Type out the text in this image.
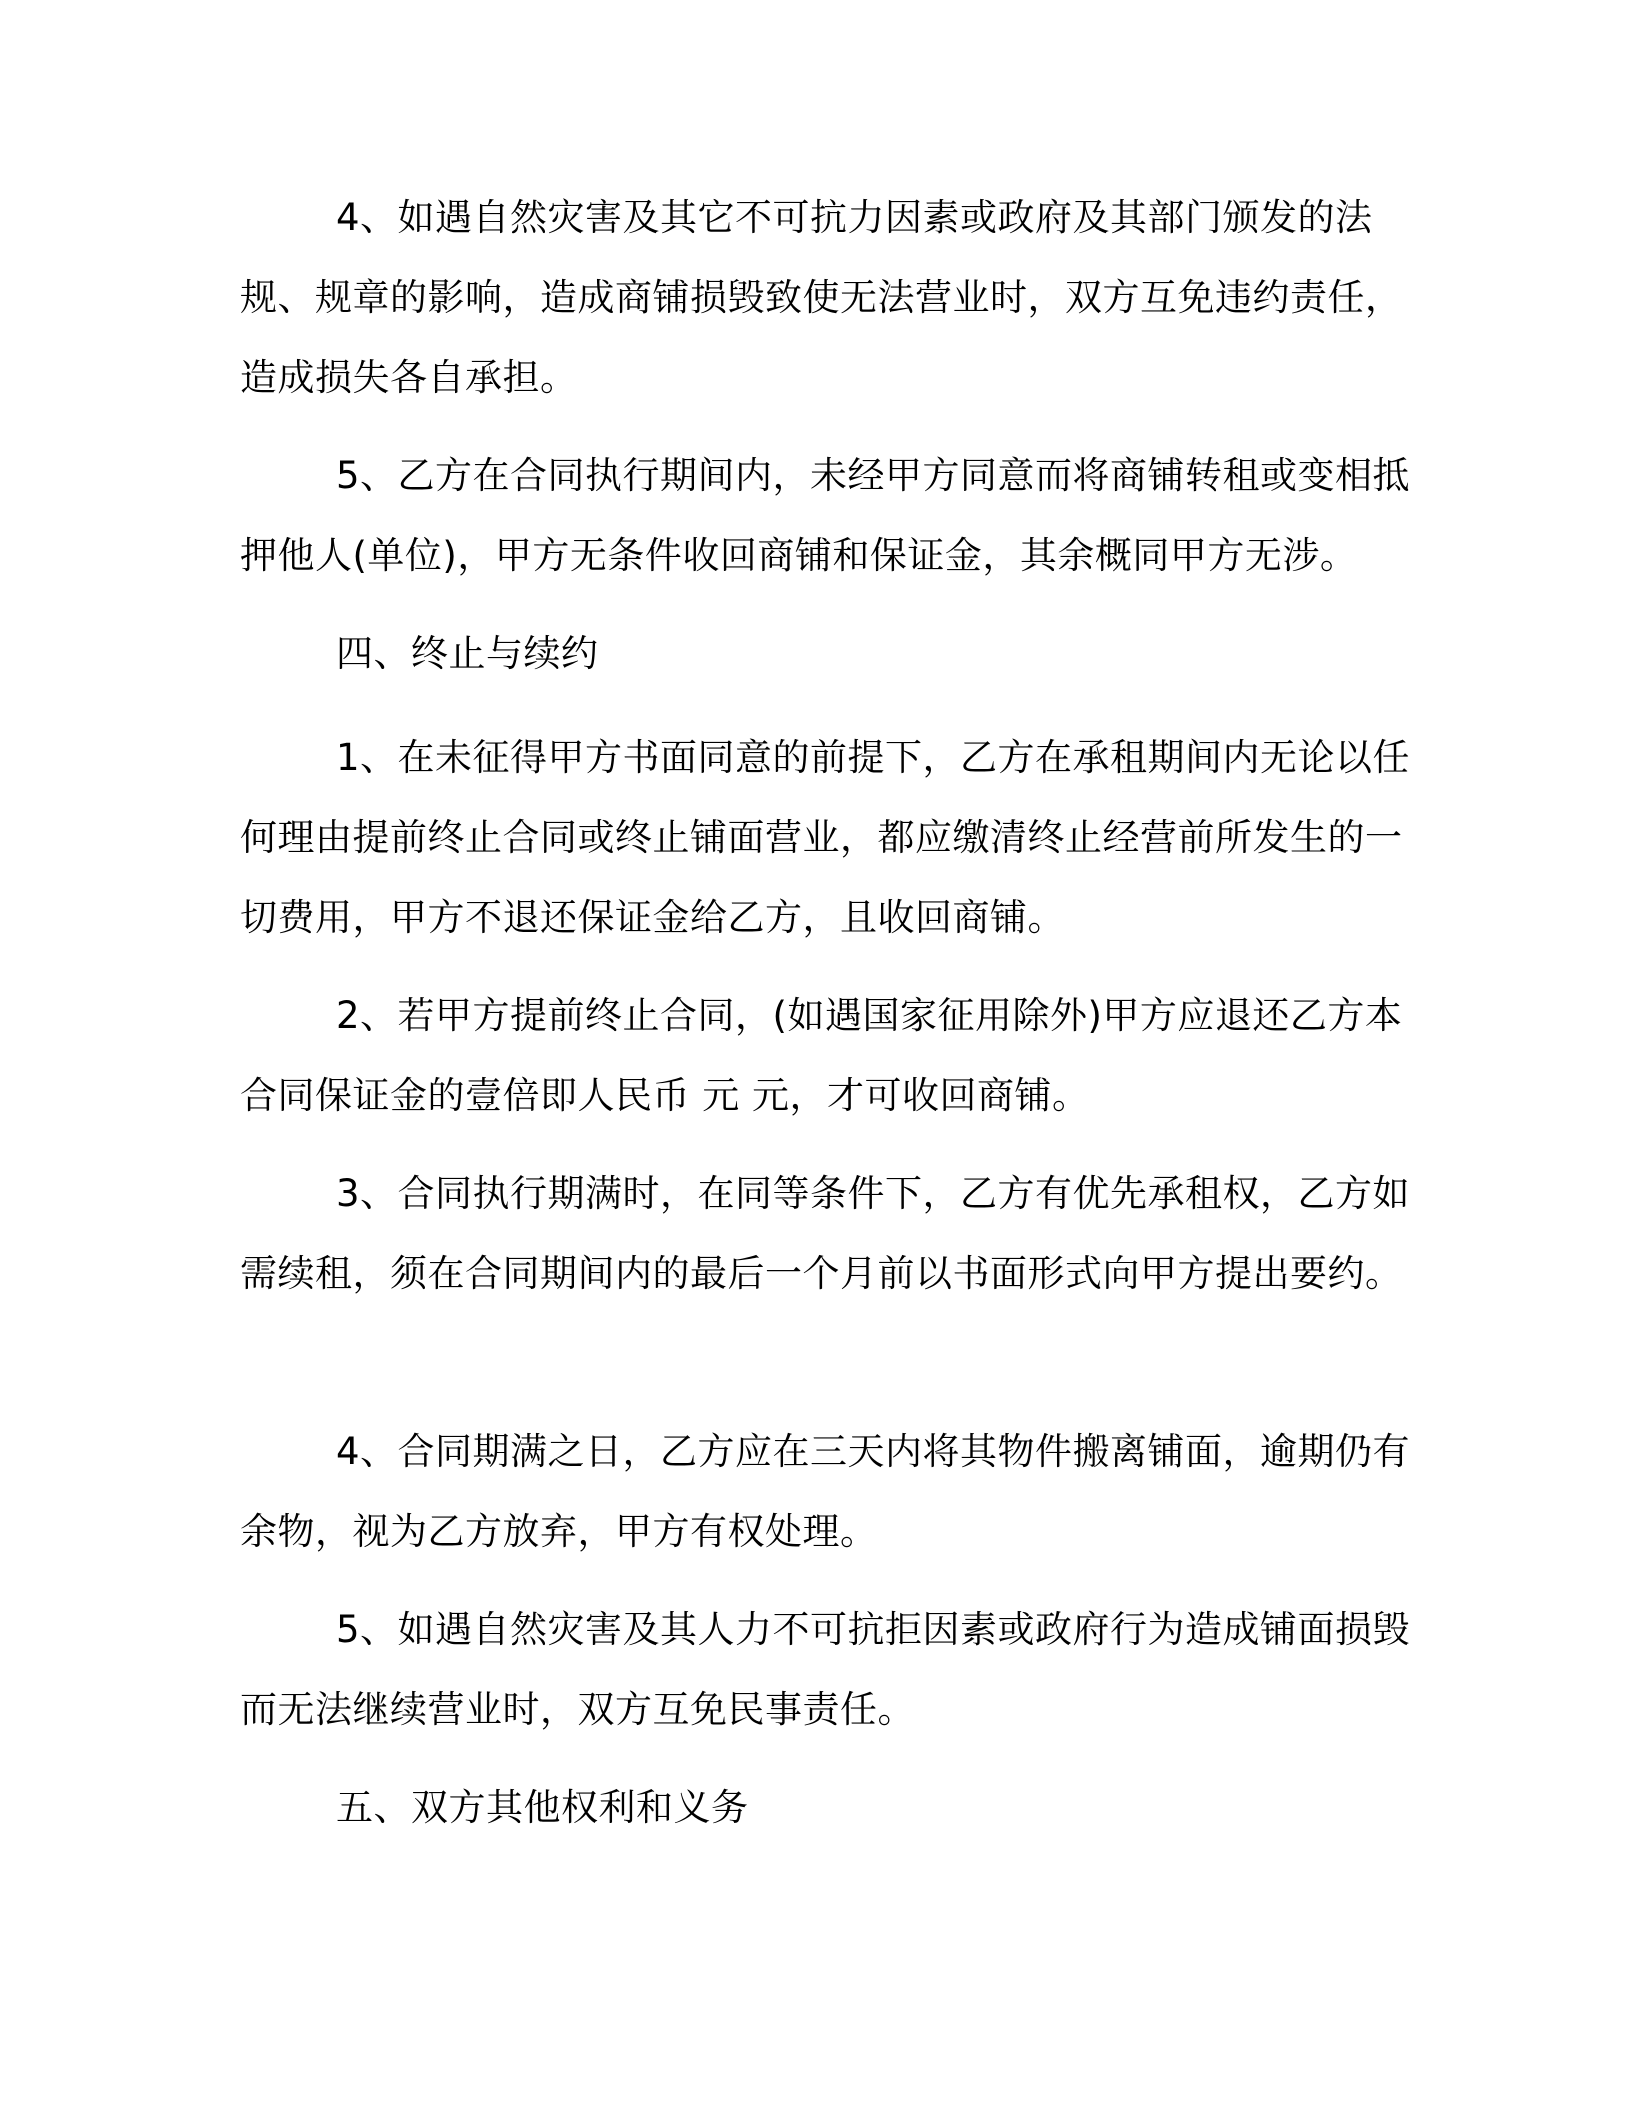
4、如遇自然灾害及其它不可抗力因素或政府及其部门颁发的法规、规章的影响，造成商铺损毁致使无法营业时，双方互免违约责任，造成损失各自承担。

5、乙方在合同执行期间内，未经甲方同意而将商铺转租或变相抵押他人(单位)，甲方无条件收回商铺和保证金，其余概同甲方无涉。

四、终止与续约

1、在未征得甲方书面同意的前提下，乙方在承租期间内无论以任何理由提前终止合同或终止铺面营业，都应缴清终止经营前所发生的一切费用，甲方不退还保证金给乙方，且收回商铺。

2、若甲方提前终止合同，(如遇国家征用除外)甲方应退还乙方本合同保证金的壹倍即人民币 元 元，才可收回商铺。

3、合同执行期满时，在同等条件下，乙方有优先承租权，乙方如需续租，须在合同期间内的最后一个月前以书面形式向甲方提出要约。

4、合同期满之日，乙方应在三天内将其物件搬离铺面，逾期仍有余物，视为乙方放弃，甲方有权处理。

5、如遇自然灾害及其人力不可抗拒因素或政府行为造成铺面损毁而无法继续营业时，双方互免民事责任。

五、双方其他权利和义务
